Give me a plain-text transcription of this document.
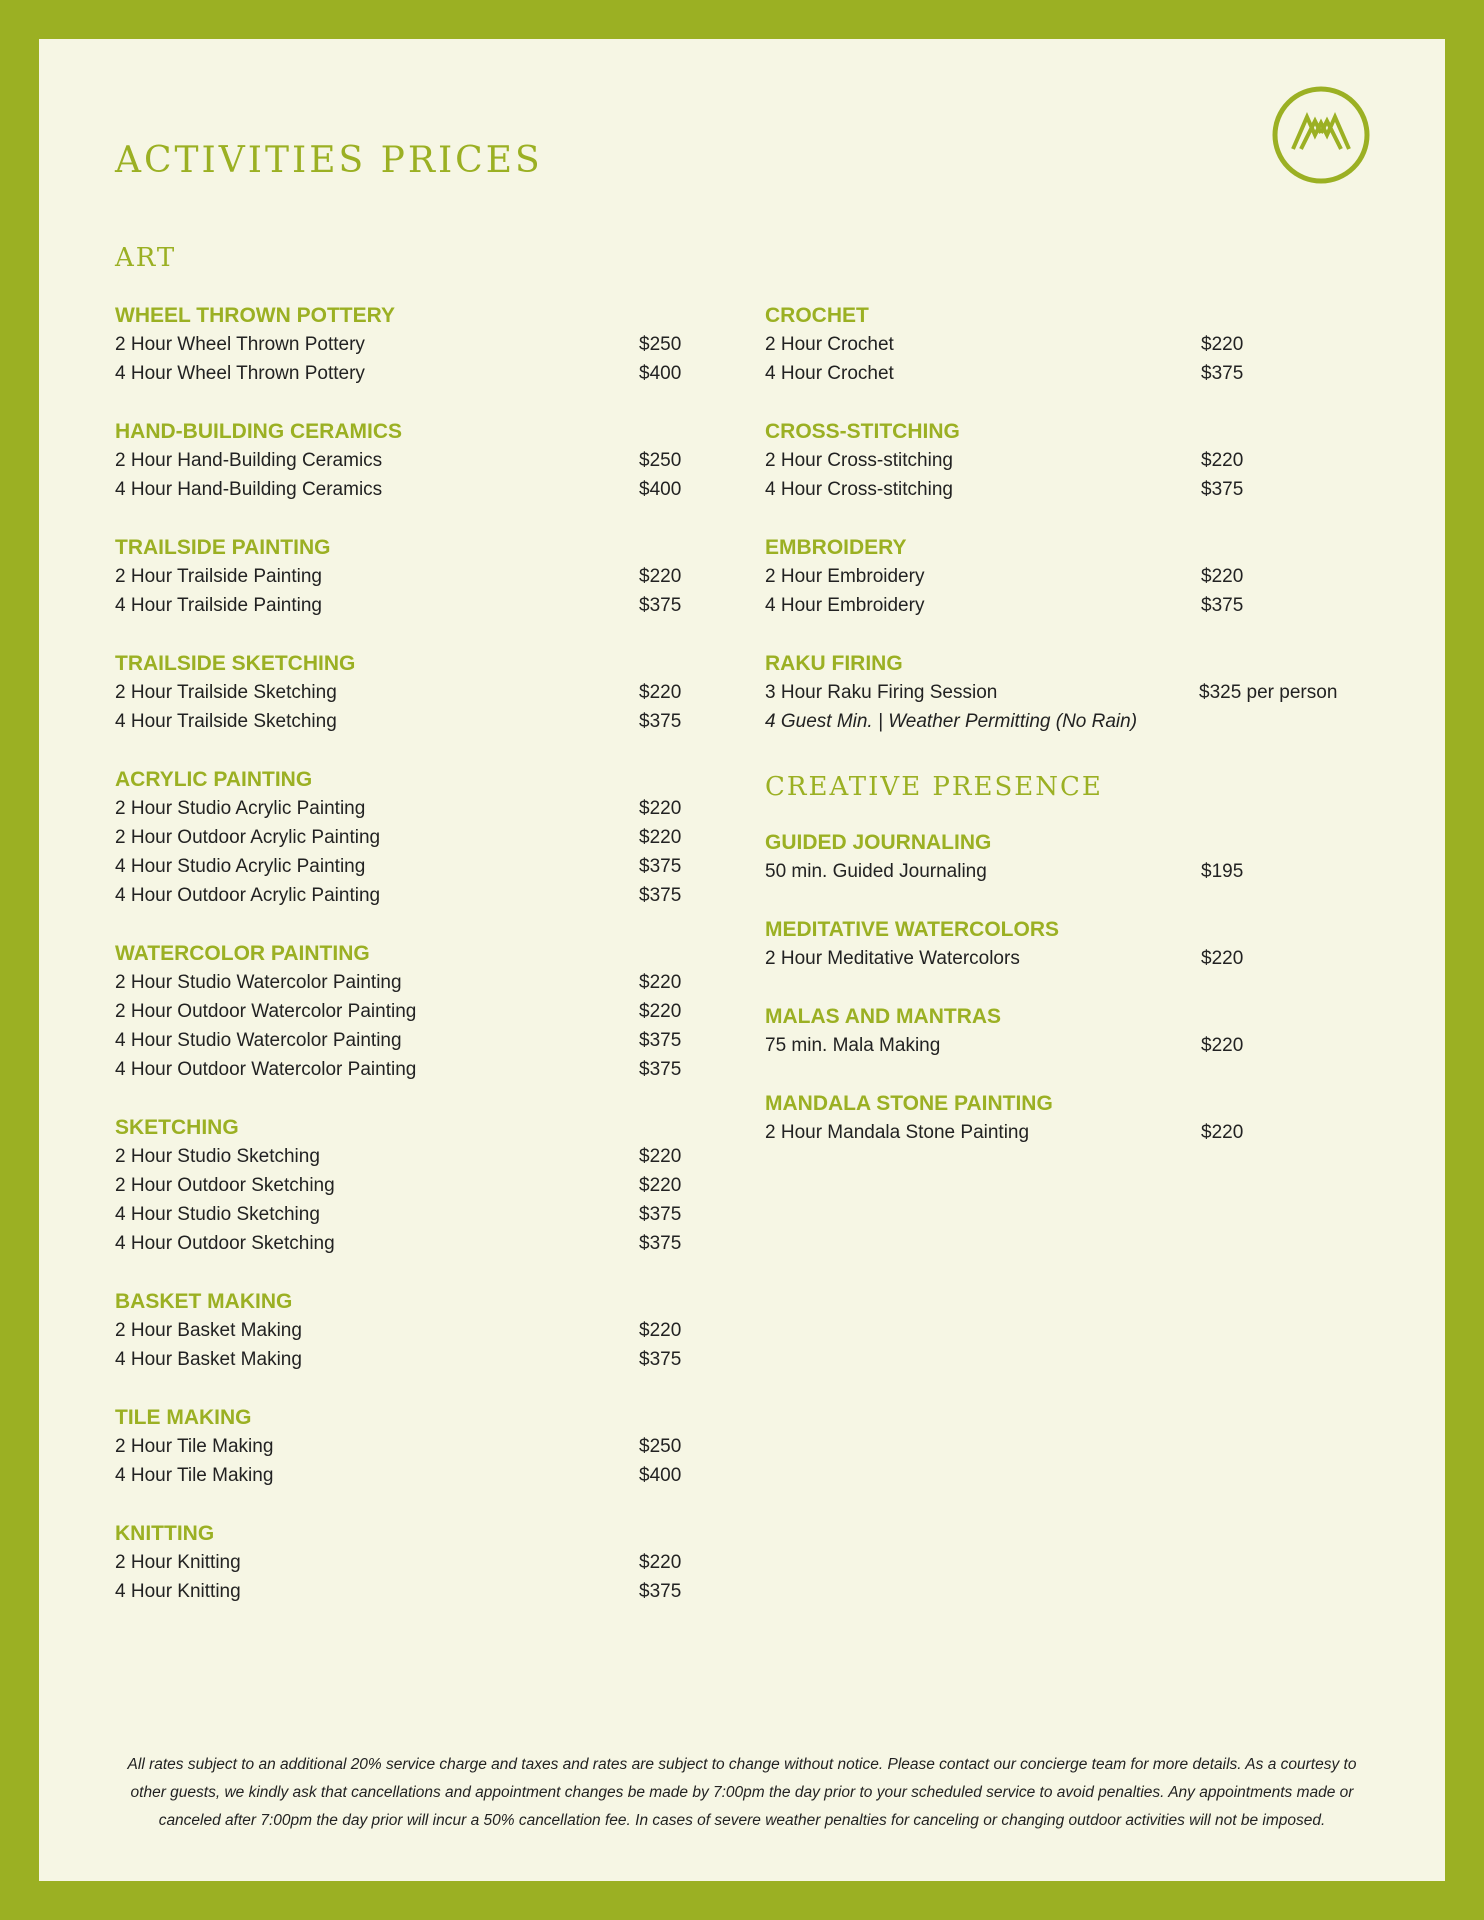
ACTIVITIES PRICES
ART
WHEEL THROWN POTTERY
2 Hour Wheel Thrown Pottery	$250
4 Hour Wheel Thrown Pottery	$400
HAND-BUILDING CERAMICS
2 Hour Hand-Building Ceramics	$250
4 Hour Hand-Building Ceramics	$400
TRAILSIDE PAINTING
2 Hour Trailside Painting	$220
4 Hour Trailside Painting	$375
TRAILSIDE SKETCHING
2 Hour Trailside Sketching	$220
4 Hour Trailside Sketching	$375
ACRYLIC PAINTING
2 Hour Studio Acrylic Painting	$220
2 Hour Outdoor Acrylic Painting	$220
4 Hour Studio Acrylic Painting	$375
4 Hour Outdoor Acrylic Painting	$375
WATERCOLOR PAINTING
2 Hour Studio Watercolor Painting	$220
2 Hour Outdoor Watercolor Painting	$220
4 Hour Studio Watercolor Painting	$375
4 Hour Outdoor Watercolor Painting	$375
SKETCHING
2 Hour Studio Sketching	$220
2 Hour Outdoor Sketching	$220
4 Hour Studio Sketching	$375
4 Hour Outdoor Sketching	$375
BASKET MAKING
2 Hour Basket Making	$220
4 Hour Basket Making	$375
TILE MAKING
2 Hour Tile Making	$250
4 Hour Tile Making	$400
KNITTING
2 Hour Knitting	$220
4 Hour Knitting	$375
CROCHET
2 Hour Crochet	$220
4 Hour Crochet	$375
CROSS-STITCHING
2 Hour Cross-stitching	$220
4 Hour Cross-stitching	$375
EMBROIDERY
2 Hour Embroidery	$220
4 Hour Embroidery	$375
RAKU FIRING
3 Hour Raku Firing Session	$325 per person
4 Guest Min. | Weather Permitting (No Rain)
CREATIVE PRESENCE
GUIDED JOURNALING
50 min. Guided Journaling	$195
MEDITATIVE WATERCOLORS
2 Hour Meditative Watercolors	$220
MALAS AND MANTRAS
75 min. Mala Making	$220
MANDALA STONE PAINTING
2 Hour Mandala Stone Painting	$220
All rates subject to an additional 20% service charge and taxes and rates are subject to change without notice. Please contact our concierge team for more details. As a courtesy to other guests, we kindly ask that cancellations and appointment changes be made by 7:00pm the day prior to your scheduled service to avoid penalties. Any appointments made or canceled after 7:00pm the day prior will incur a 50% cancellation fee. In cases of severe weather penalties for canceling or changing outdoor activities will not be imposed.
